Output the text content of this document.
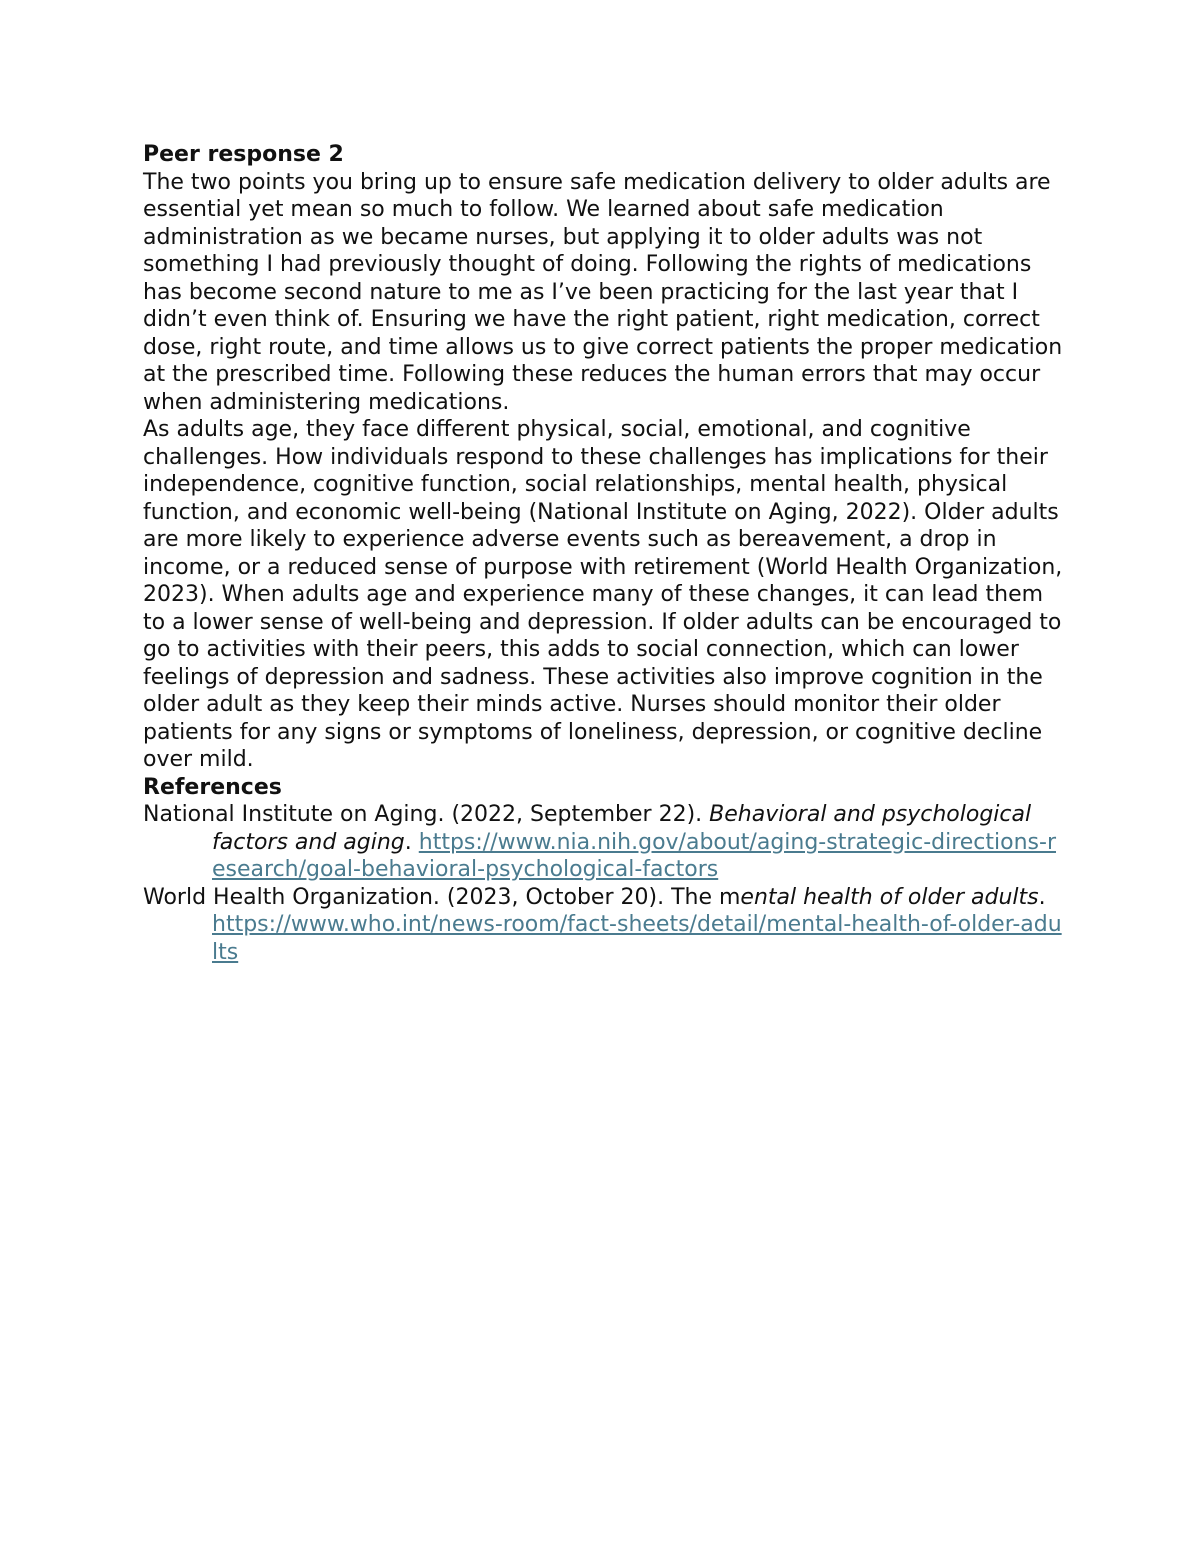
Peer response 2

The two points you bring up to ensure safe medication delivery to older adults are essential yet mean so much to follow. We learned about safe medication administration as we became nurses, but applying it to older adults was not something I had previously thought of doing. Following the rights of medications has become second nature to me as I’ve been practicing for the last year that I didn’t even think of. Ensuring we have the right patient, right medication, correct dose, right route, and time allows us to give correct patients the proper medication at the prescribed time. Following these reduces the human errors that may occur when administering medications.

As adults age, they face different physical, social, emotional, and cognitive challenges. How individuals respond to these challenges has implications for their independence, cognitive function, social relationships, mental health, physical function, and economic well-being (National Institute on Aging, 2022). Older adults are more likely to experience adverse events such as bereavement, a drop in income, or a reduced sense of purpose with retirement (World Health Organization, 2023). When adults age and experience many of these changes, it can lead them to a lower sense of well-being and depression. If older adults can be encouraged to go to activities with their peers, this adds to social connection, which can lower feelings of depression and sadness. These activities also improve cognition in the older adult as they keep their minds active. Nurses should monitor their older patients for any signs or symptoms of loneliness, depression, or cognitive decline over mild.

References

National Institute on Aging. (2022, September 22). Behavioral and psychological factors and aging. https://www.nia.nih.gov/about/aging-strategic-directions-research/goal-behavioral-psychological-factors

World Health Organization. (2023, October 20). The mental health of older adults. https://www.who.int/news-room/fact-sheets/detail/mental-health-of-older-adults
